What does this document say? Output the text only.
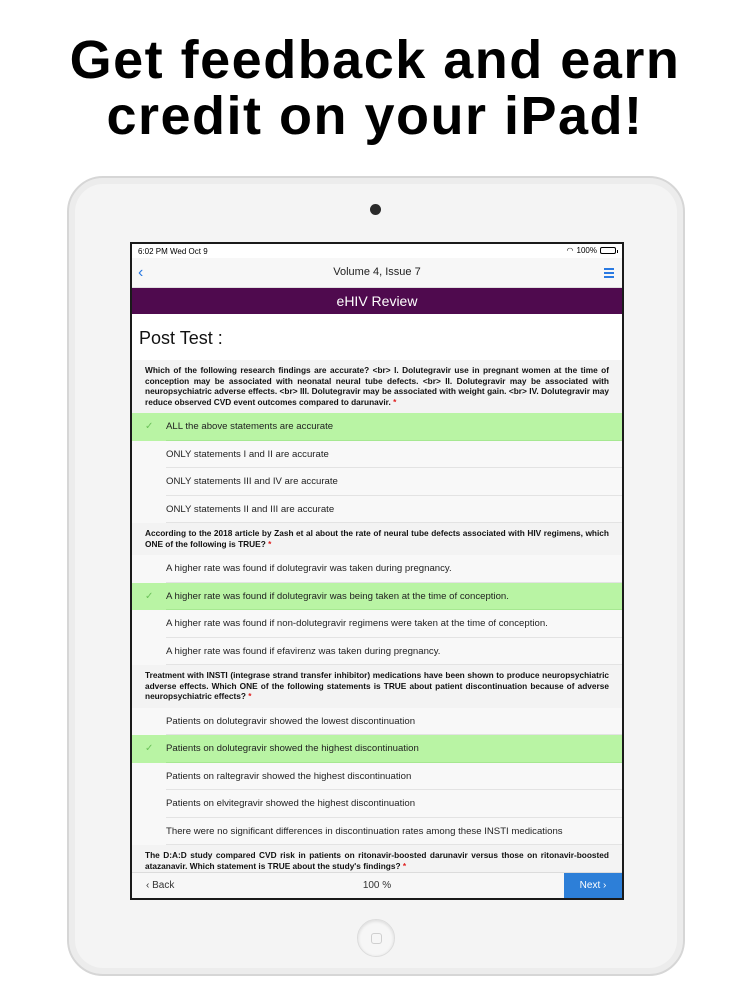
Get feedback and earn
credit on your iPad!
6:02 PM Wed Oct 9	◠ 100%
‹	Volume 4, Issue 7
eHIV Review
Post Test :
Which of the following research findings are accurate? <br> I. Dolutegravir use in pregnant women at the time of conception may be associated with neonatal neural tube defects. <br> II. Dolutegravir may be associated with neuropsychiatric adverse effects. <br> III. Dolutegravir may be associated with weight gain. <br> IV. Dolutegravir may reduce observed CVD event outcomes compared to darunavir. *
✓ ALL the above statements are accurate
ONLY statements I and II are accurate
ONLY statements III and IV are accurate
ONLY statements II and III are accurate
According to the 2018 article by Zash et al about the rate of neural tube defects associated with HIV regimens, which ONE of the following is TRUE? *
A higher rate was found if dolutegravir was taken during pregnancy.
✓ A higher rate was found if dolutegravir was being taken at the time of conception.
A higher rate was found if non-dolutegravir regimens were taken at the time of conception.
A higher rate was found if efavirenz was taken during pregnancy.
Treatment with INSTI (integrase strand transfer inhibitor) medications have been shown to produce neuropsychiatric adverse effects. Which ONE of the following statements is TRUE about patient discontinuation because of adverse neuropsychiatric effects? *
Patients on dolutegravir showed the lowest discontinuation
✓ Patients on dolutegravir showed the highest discontinuation
Patients on raltegravir showed the highest discontinuation
Patients on elvitegravir showed the highest discontinuation
There were no significant differences in discontinuation rates among these INSTI medications
The D:A:D study compared CVD risk in patients on ritonavir-boosted darunavir versus those on ritonavir-boosted atazanavir. Which statement is TRUE about the study's findings? *
‹ Back	100 %	Next ›
